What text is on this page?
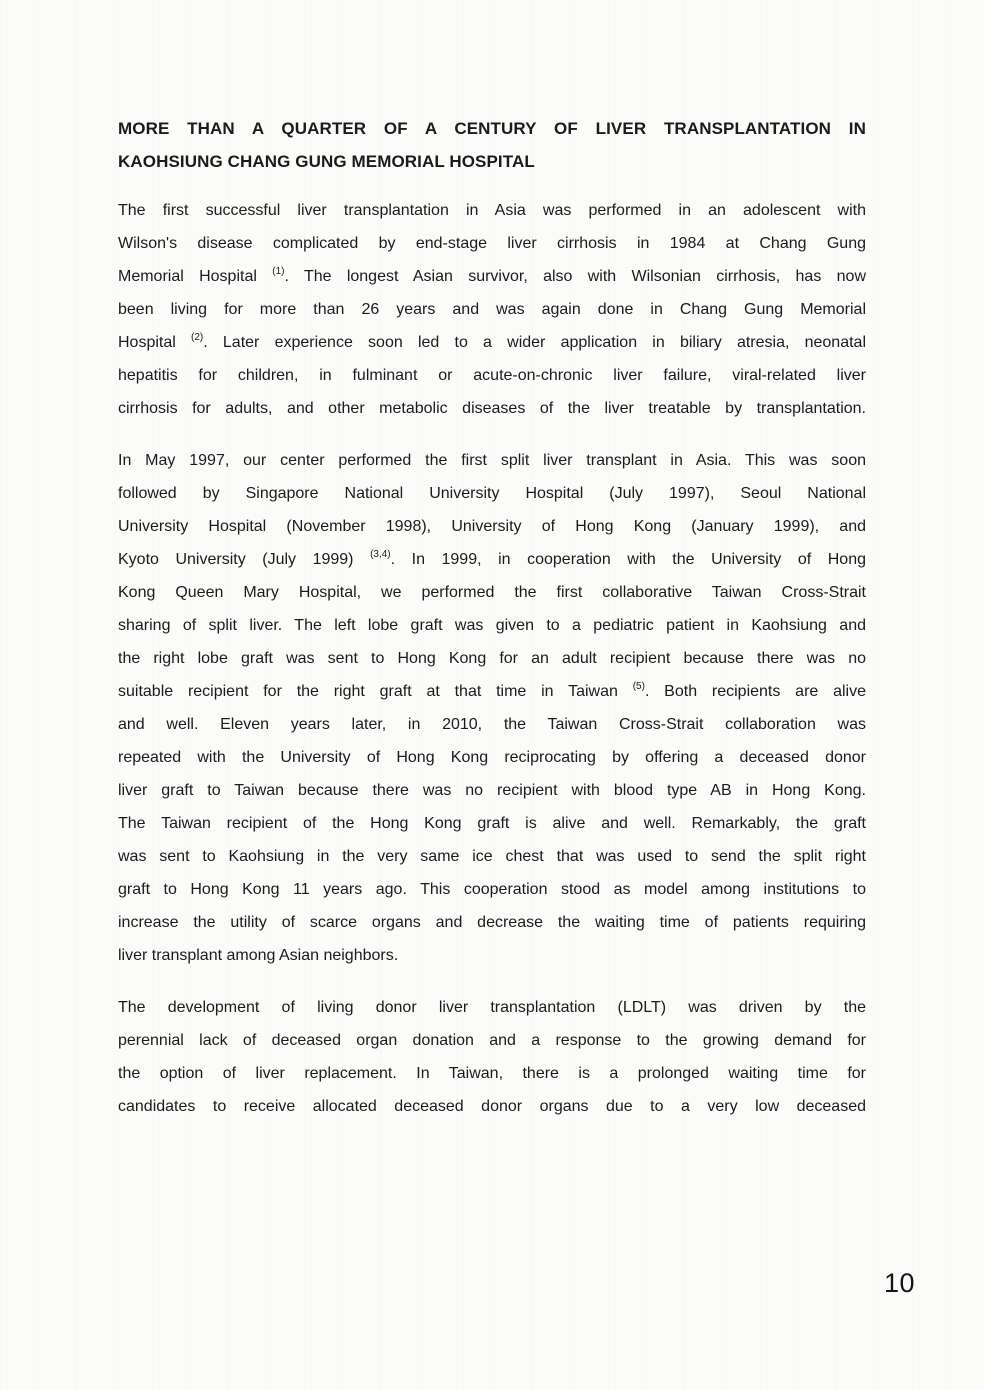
MORE THAN A QUARTER OF A CENTURY OF LIVER TRANSPLANTATION IN
KAOHSIUNG CHANG GUNG MEMORIAL HOSPITAL
The first successful liver transplantation in Asia was performed in an adolescent with
Wilson's disease complicated by end-stage liver cirrhosis in 1984 at Chang Gung
Memorial Hospital $^{(1)}$. The longest Asian survivor, also with Wilsonian cirrhosis, has now
been living for more than 26 years and was again done in Chang Gung Memorial
Hospital $^{(2)}$. Later experience soon led to a wider application in biliary atresia, neonatal
hepatitis for children, in fulminant or acute-on-chronic liver failure, viral-related liver
cirrhosis for adults, and other metabolic diseases of the liver treatable by transplantation.
In May 1997, our center performed the first split liver transplant in Asia. This was soon
followed by Singapore National University Hospital (July 1997), Seoul National
University Hospital (November 1998), University of Hong Kong (January 1999), and
Kyoto University (July 1999) $^{(3,4)}$. In 1999, in cooperation with the University of Hong
Kong Queen Mary Hospital, we performed the first collaborative Taiwan Cross-Strait
sharing of split liver. The left lobe graft was given to a pediatric patient in Kaohsiung and
the right lobe graft was sent to Hong Kong for an adult recipient because there was no
suitable recipient for the right graft at that time in Taiwan $^{(5)}$. Both recipients are alive
and well. Eleven years later, in 2010, the Taiwan Cross-Strait collaboration was
repeated with the University of Hong Kong reciprocating by offering a deceased donor
liver graft to Taiwan because there was no recipient with blood type AB in Hong Kong.
The Taiwan recipient of the Hong Kong graft is alive and well. Remarkably, the graft
was sent to Kaohsiung in the very same ice chest that was used to send the split right
graft to Hong Kong 11 years ago. This cooperation stood as model among institutions to
increase the utility of scarce organs and decrease the waiting time of patients requiring
liver transplant among Asian neighbors.
The development of living donor liver transplantation (LDLT) was driven by the
perennial lack of deceased organ donation and a response to the growing demand for
the option of liver replacement. In Taiwan, there is a prolonged waiting time for
candidates to receive allocated deceased donor organs due to a very low deceased
10
